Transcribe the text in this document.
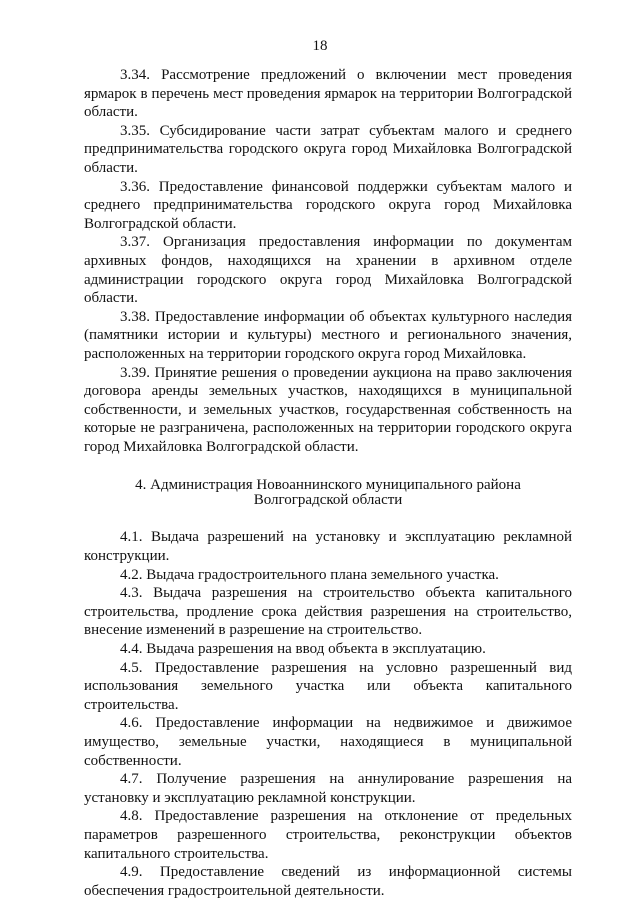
18

3.34. Рассмотрение предложений о включении мест проведения ярмарок в перечень мест проведения ярмарок на территории Волгоградской области.

3.35. Субсидирование части затрат субъектам малого и среднего предпринимательства городского округа город Михайловка Волгоградской области.

3.36. Предоставление финансовой поддержки субъектам малого и среднего предпринимательства городского округа город Михайловка Волгоградской области.

3.37. Организация предоставления информации по документам архивных фондов, находящихся на хранении в архивном отделе администрации городского округа город Михайловка Волгоградской области.

3.38. Предоставление информации об объектах культурного наследия (памятники истории и культуры) местного и регионального значения, расположенных на территории городского округа город Михайловка.

3.39. Принятие решения о проведении аукциона на право заключения договора аренды земельных участков, находящихся в муниципальной собственности, и земельных участков, государственная собственность на которые не разграничена, расположенных на территории городского округа город Михайловка Волгоградской области.

4. Администрация Новоаннинского муниципального района
Волгоградской области

4.1. Выдача разрешений на установку и эксплуатацию рекламной конструкции.

4.2. Выдача градостроительного плана земельного участка.

4.3. Выдача разрешения на строительство объекта капитального строительства, продление срока действия разрешения на строительство, внесение изменений в разрешение на строительство.

4.4. Выдача разрешения на ввод объекта в эксплуатацию.

4.5. Предоставление разрешения на условно разрешенный вид использования земельного участка или объекта капитального строительства.

4.6. Предоставление информации на недвижимое и движимое имущество, земельные участки, находящиеся в муниципальной собственности.

4.7. Получение разрешения на аннулирование разрешения на установку и эксплуатацию рекламной конструкции.

4.8. Предоставление разрешения на отклонение от предельных параметров разрешенного строительства, реконструкции объектов капитального строительства.

4.9. Предоставление сведений из информационной системы обеспечения градостроительной деятельности.
